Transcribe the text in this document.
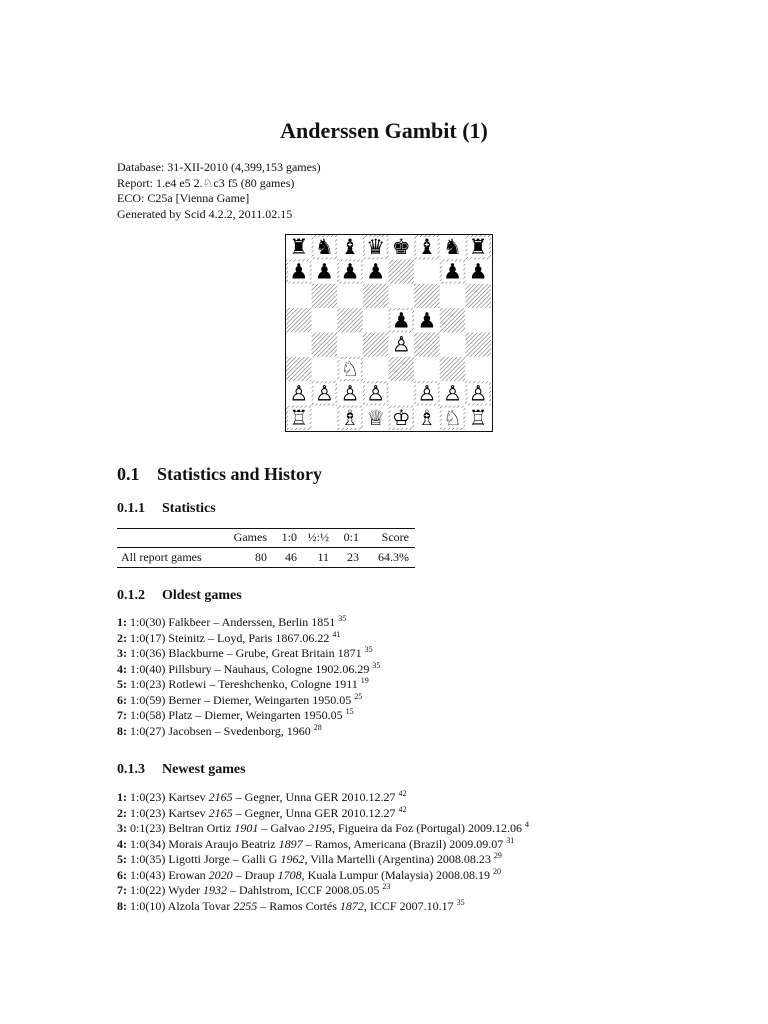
Anderssen Gambit (1)
Database: 31-XII-2010 (4,399,153 games)
Report: 1.e4 e5 2.♘c3 f5 (80 games)
ECO: C25a [Vienna Game]
Generated by Scid 4.2.2, 2011.02.15
♜ ♞ ♝ ♛ ♚ ♝ ♞ ♜
♟ ♟ ♟ ♟	♟ ♟
♟ ♟
♙
♘
♙ ♙ ♙ ♙ ♙ ♙ ♙
♖ ♗ ♕ ♔ ♗ ♘ ♖
0.1 Statistics and History
0.1.1 Statistics
	Games	1:0	½:½	0:1	Score
All report games	80	46	11	23	64.3%
0.1.2 Oldest games
1: 1:0(30) Falkbeer – Anderssen, Berlin 1851 $^{35}$
2: 1:0(17) Steinitz – Loyd, Paris 1867.06.22 $^{41}$
3: 1:0(36) Blackburne – Grube, Great Britain 1871 $^{35}$
4: 1:0(40) Pillsbury – Nauhaus, Cologne 1902.06.29 $^{35}$
5: 1:0(23) Rotlewi – Tereshchenko, Cologne 1911 $^{19}$
6: 1:0(59) Berner – Diemer, Weingarten 1950.05 $^{25}$
7: 1:0(58) Platz – Diemer, Weingarten 1950.05 $^{15}$
8: 1:0(27) Jacobsen – Svedenborg, 1960 $^{28}$
0.1.3 Newest games
1: 1:0(23) Kartsev 2165 – Gegner, Unna GER 2010.12.27 $^{42}$
2: 1:0(23) Kartsev 2165 – Gegner, Unna GER 2010.12.27 $^{42}$
3: 0:1(23) Beltran Ortiz 1901 – Galvao 2195, Figueira da Foz (Portugal) 2009.12.06 $^4$
4: 1:0(34) Morais Araujo Beatriz 1897 – Ramos, Americana (Brazil) 2009.09.07 $^{31}$
5: 1:0(35) Ligotti Jorge – Galli G 1962, Villa Martelli (Argentina) 2008.08.23 $^{29}$
6: 1:0(43) Erowan 2020 – Draup 1708, Kuala Lumpur (Malaysia) 2008.08.19 $^{20}$
7: 1:0(22) Wyder 1932 – Dahlstrom, ICCF 2008.05.05 $^{23}$
8: 1:0(10) Alzola Tovar 2255 – Ramos Cortés 1872, ICCF 2007.10.17 $^{35}$
